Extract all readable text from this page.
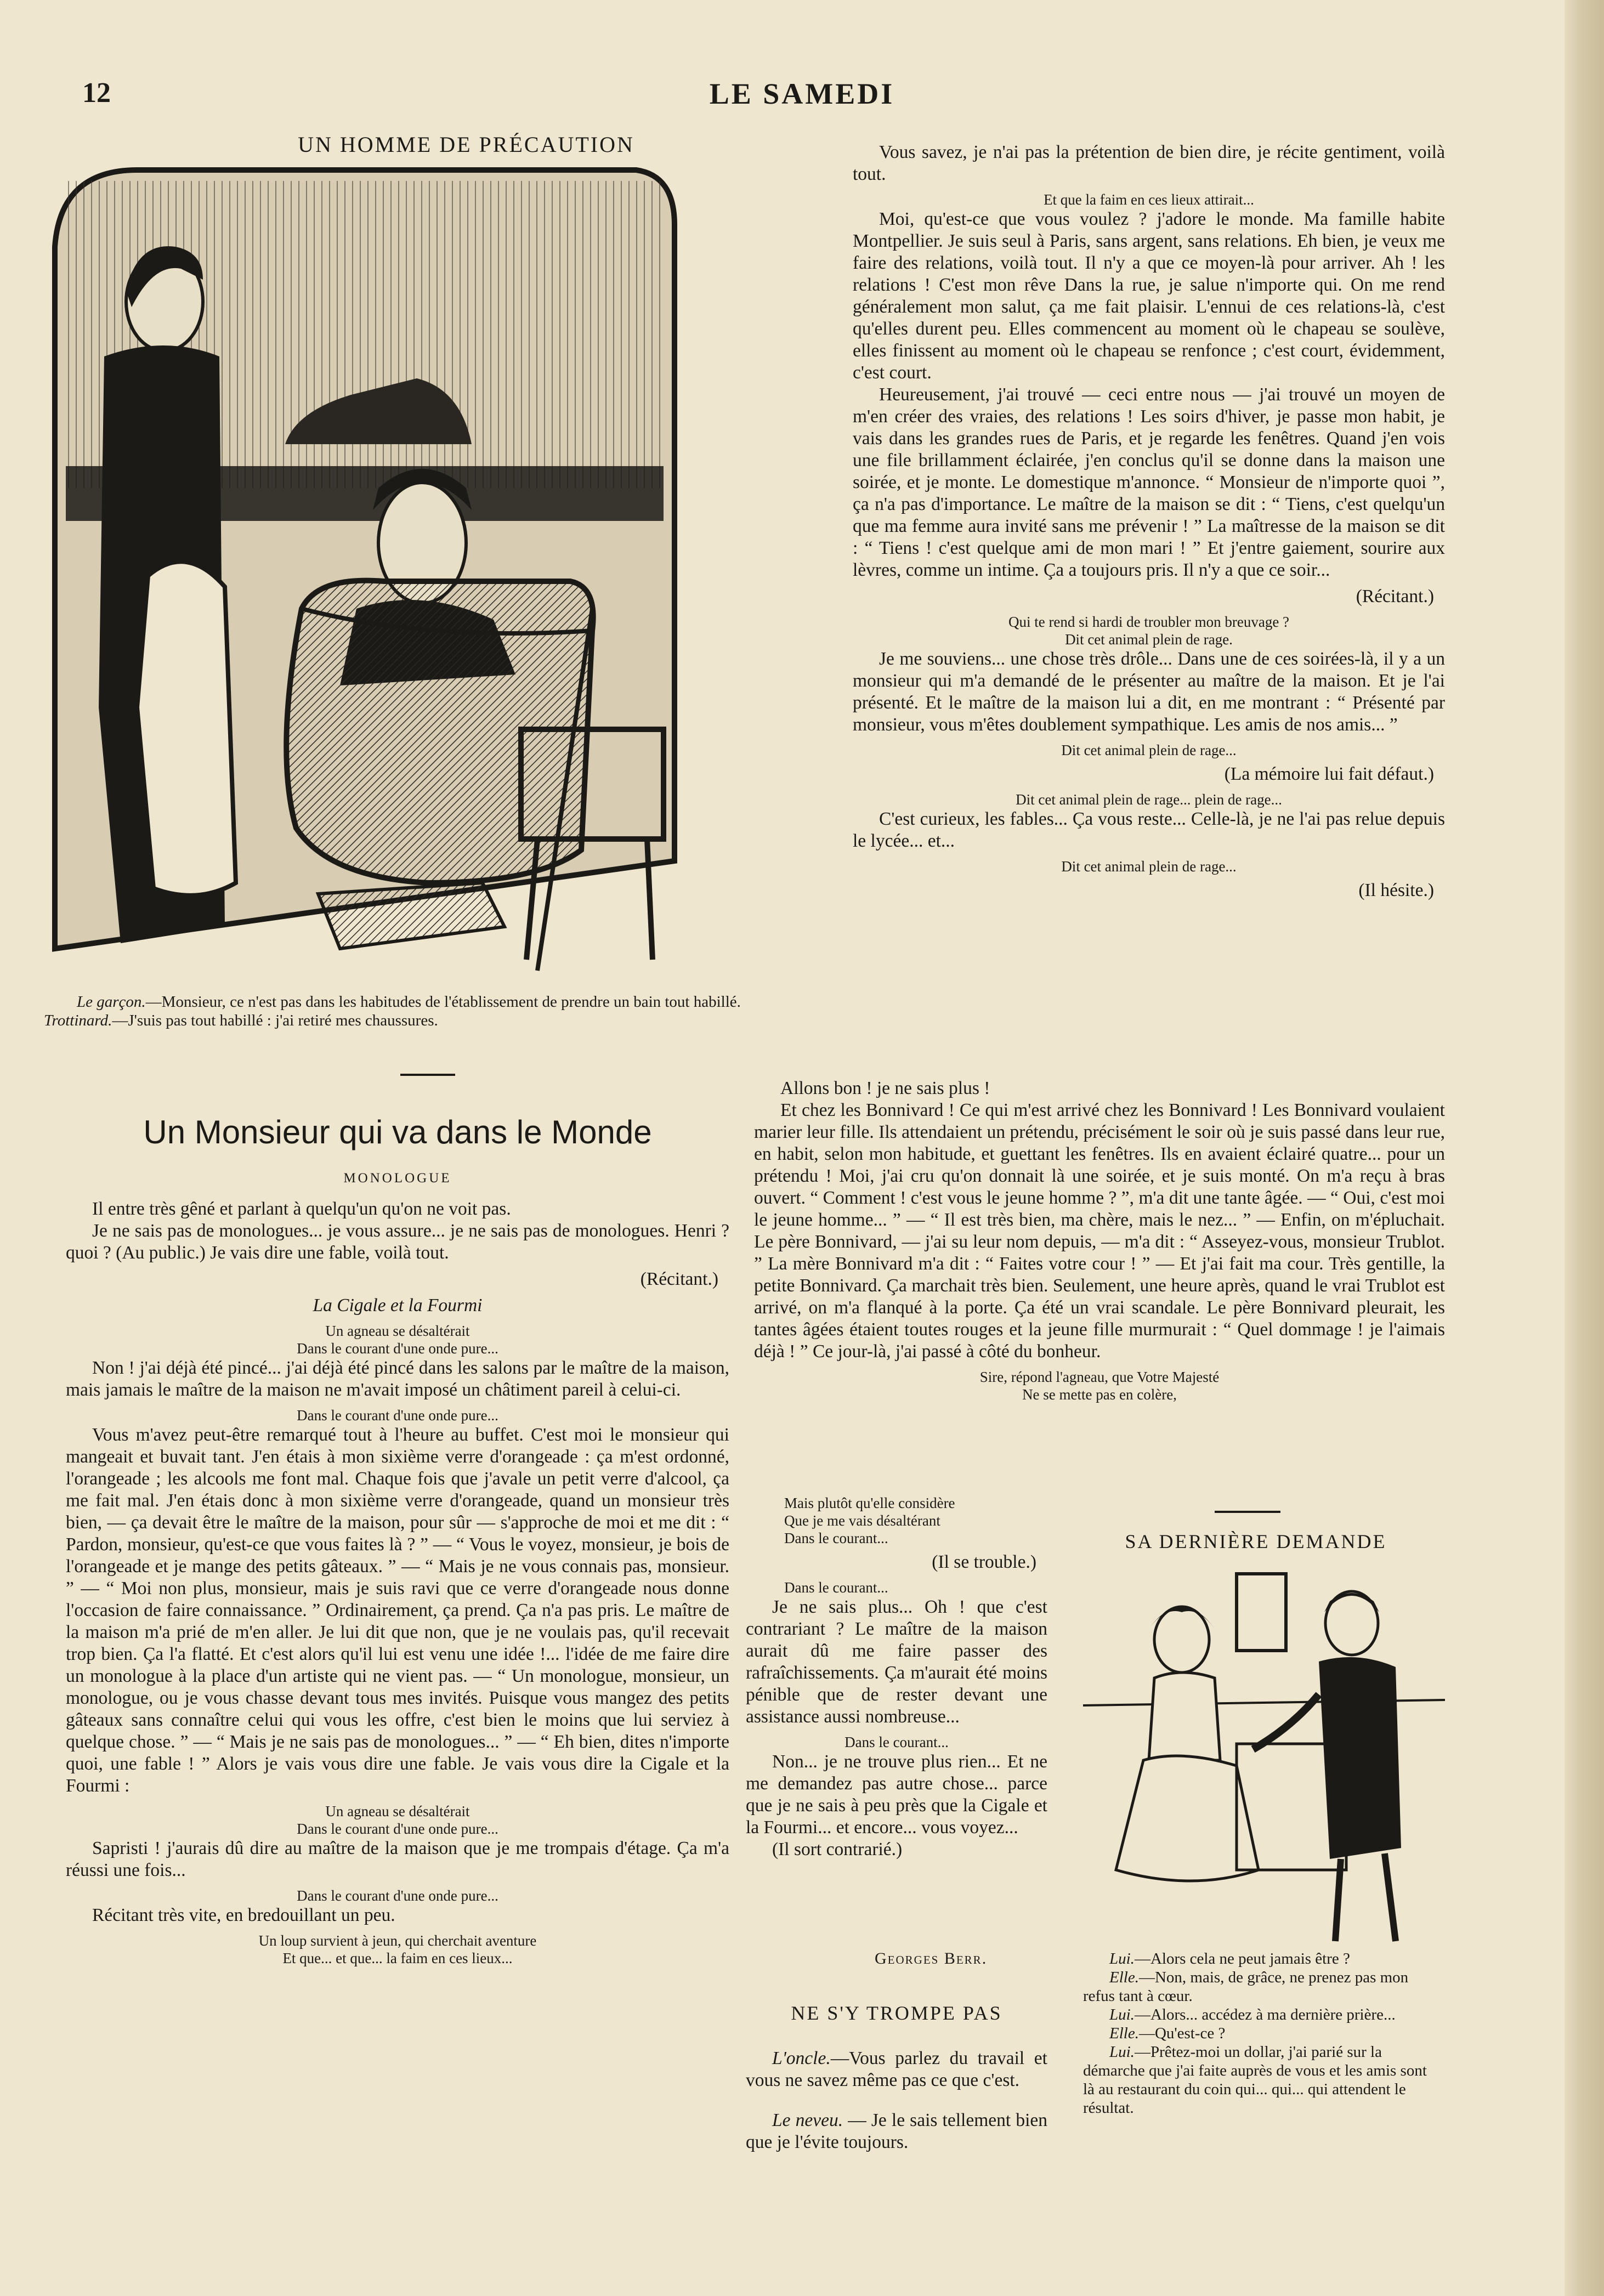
12	LE SAMEDI
UN HOMME DE PRÉCAUTION
Le garçon.—Monsieur, ce n'est pas dans les habitudes de l'établissement de prendre un bain tout habillé.
Trottinard.—J'suis pas tout habillé : j'ai retiré mes chaussures.
Un Monsieur qui va dans le Monde
MONOLOGUE
Il entre très gêné et parlant à quelqu'un qu'on ne voit pas.
Je ne sais pas de monologues... je vous assure... je ne sais pas de monologues. Henri ? quoi ? (Au public.) Je vais dire une fable, voilà tout.
(Récitant.)
La Cigale et la Fourmi
Un agneau se désaltérait
Dans le courant d'une onde pure...
Non ! j'ai déjà été pincé... j'ai déjà été pincé dans les salons par le maître de la maison, mais jamais le maître de la maison ne m'avait imposé un châtiment pareil à celui-ci.
Dans le courant d'une onde pure...
Vous m'avez peut-être remarqué tout à l'heure au buffet. C'est moi le monsieur qui mangeait et buvait tant. J'en étais à mon sixième verre d'orangeade : ça m'est ordonné, l'orangeade ; les alcools me font mal. Chaque fois que j'avale un petit verre d'alcool, ça me fait mal. J'en étais donc à mon sixième verre d'orangeade, quand un monsieur très bien, — ça devait être le maître de la maison, pour sûr — s'approche de moi et me dit : “ Pardon, monsieur, qu'est-ce que vous faites là ? ” — “ Vous le voyez, monsieur, je bois de l'orangeade et je mange des petits gâteaux. ” — “ Mais je ne vous connais pas, monsieur. ” — “ Moi non plus, monsieur, mais je suis ravi que ce verre d'orangeade nous donne l'occasion de faire connaissance. ” Ordinairement, ça prend. Ça n'a pas pris. Le maître de la maison m'a prié de m'en aller. Je lui dit que non, que je ne voulais pas, qu'il recevait trop bien. Ça l'a flatté. Et c'est alors qu'il lui est venu une idée !... l'idée de me faire dire un monologue à la place d'un artiste qui ne vient pas. — “ Un monologue, monsieur, un monologue, ou je vous chasse devant tous mes invités. Puisque vous mangez des petits gâteaux sans connaître celui qui vous les offre, c'est bien le moins que lui serviez à quelque chose. ” — “ Mais je ne sais pas de monologues... ” — “ Eh bien, dites n'importe quoi, une fable ! ” Alors je vais vous dire une fable. Je vais vous dire la Cigale et la Fourmi :
Un agneau se désaltérait
Dans le courant d'une onde pure...
Sapristi ! j'aurais dû dire au maître de la maison que je me trompais d'étage. Ça m'a réussi une fois...
Dans le courant d'une onde pure...
Récitant très vite, en bredouillant un peu.
Un loup survient à jeun, qui cherchait aventure
Et que... et que... la faim en ces lieux...
Vous savez, je n'ai pas la prétention de bien dire, je récite gentiment, voilà tout.
Et que la faim en ces lieux attirait...
Moi, qu'est-ce que vous voulez ? j'adore le monde. Ma famille habite Montpellier. Je suis seul à Paris, sans argent, sans relations. Eh bien, je veux me faire des relations, voilà tout. Il n'y a que ce moyen-là pour arriver. Ah ! les relations ! C'est mon rêve Dans la rue, je salue n'importe qui. On me rend généralement mon salut, ça me fait plaisir. L'ennui de ces relations-là, c'est qu'elles durent peu. Elles commencent au moment où le chapeau se soulève, elles finissent au moment où le chapeau se renfonce ; c'est court, évidemment, c'est court.
Heureusement, j'ai trouvé — ceci entre nous — j'ai trouvé un moyen de m'en créer des vraies, des relations ! Les soirs d'hiver, je passe mon habit, je vais dans les grandes rues de Paris, et je regarde les fenêtres. Quand j'en vois une file brillamment éclairée, j'en conclus qu'il se donne dans la maison une soirée, et je monte. Le domestique m'annonce. “ Monsieur de n'importe quoi ”, ça n'a pas d'importance. Le maître de la maison se dit : “ Tiens, c'est quelqu'un que ma femme aura invité sans me prévenir ! ” La maîtresse de la maison se dit : “ Tiens ! c'est quelque ami de mon mari ! ” Et j'entre gaiement, sourire aux lèvres, comme un intime. Ça a toujours pris. Il n'y a que ce soir...
(Récitant.)
Qui te rend si hardi de troubler mon breuvage ?
Dit cet animal plein de rage.
Je me souviens... une chose très drôle... Dans une de ces soirées-là, il y a un monsieur qui m'a demandé de le présenter au maître de la maison. Et je l'ai présenté. Et le maître de la maison lui a dit, en me montrant : “ Présenté par monsieur, vous m'êtes doublement sympathique. Les amis de nos amis... ”
Dit cet animal plein de rage...
(La mémoire lui fait défaut.)
Dit cet animal plein de rage... plein de rage...
C'est curieux, les fables... Ça vous reste... Celle-là, je ne l'ai pas relue depuis le lycée... et...
Dit cet animal plein de rage...
(Il hésite.)
Allons bon ! je ne sais plus !
Et chez les Bonnivard ! Ce qui m'est arrivé chez les Bonnivard ! Les Bonnivard voulaient marier leur fille. Ils attendaient un prétendu, précisément le soir où je suis passé dans leur rue, en habit, selon mon habitude, et guettant les fenêtres. Ils en avaient éclairé quatre... pour un prétendu ! Moi, j'ai cru qu'on donnait là une soirée, et je suis monté. On m'a reçu à bras ouvert. “ Comment ! c'est vous le jeune homme ? ”, m'a dit une tante âgée. — “ Oui, c'est moi le jeune homme... ” — “ Il est très bien, ma chère, mais le nez... ” — Enfin, on m'épluchait. Le père Bonnivard, — j'ai su leur nom depuis, — m'a dit : “ Asseyez-vous, monsieur Trublot. ” La mère Bonnivard m'a dit : “ Faites votre cour ! ” — Et j'ai fait ma cour. Très gentille, la petite Bonnivard. Ça marchait très bien. Seulement, une heure après, quand le vrai Trublot est arrivé, on m'a flanqué à la porte. Ça été un vrai scandale. Le père Bonnivard pleurait, les tantes âgées étaient toutes rouges et la jeune fille murmurait : “ Quel dommage ! je l'aimais déjà ! ” Ce jour-là, j'ai passé à côté du bonheur.
Sire, répond l'agneau, que Votre Majesté
Ne se mette pas en colère,
Mais plutôt qu'elle considère
Que je me vais désaltérant
Dans le courant...
(Il se trouble.)
Dans le courant...
Je ne sais plus... Oh ! que c'est contrariant ? Le maître de la maison aurait dû me faire passer des rafraîchissements. Ça m'aurait été moins pénible que de rester devant une assistance aussi nombreuse...
Dans le courant...
Non... je ne trouve plus rien... Et ne me demandez pas autre chose... parce que je ne sais à peu près que la Cigale et la Fourmi... et encore... vous voyez...
(Il sort contrarié.)
Georges Berr.
NE S'Y TROMPE PAS

L'oncle.—Vous parlez du travail et vous ne savez même pas ce que c'est.

Le neveu. — Je le sais tellement bien que je l'évite toujours.

SA DERNIÈRE DEMANDE
Lui.—Alors cela ne peut jamais être ?
Elle.—Non, mais, de grâce, ne prenez pas mon refus tant à cœur.
Lui.—Alors... accédez à ma dernière prière...
Elle.—Qu'est-ce ?
Lui.—Prêtez-moi un dollar, j'ai parié sur la démarche que j'ai faite auprès de vous et les amis sont là au restaurant du coin qui... qui... qui attendent le résultat.
